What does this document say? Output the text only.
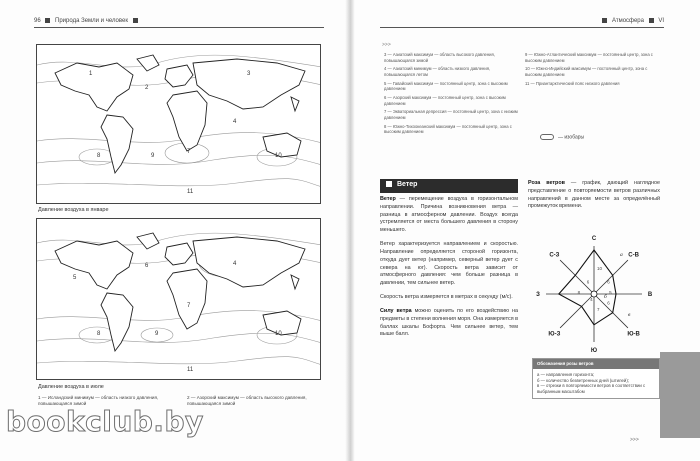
96 Природа Земли и человек	Атмосфера VI
1
2
3
7
8	9	10
11
4
Давление воздуха в январе
5
6	4
7
8	9	10
11
Давление воздуха в июле
1 — Исландский минимум — область низкого давления, повышающаяся зимой
2 — Азорский максимум — область высокого давления, повышающаяся зимой
>>>

3 — Азиатский максимум — область высокого давления, повышающаяся зимой

4 — Азиатский минимум — область низкого давления, повышающаяся летом

5 — Гавайский максимум — постоянный центр, зона с высоким давлением

6 — Азорский максимум — постоянный центр, зона с высоким давлением

7 — Экваториальная депрессия — постоянный центр, зона с низким давлением

8 — Южно-Тихоокеанский максимум — постоянный центр, зона с высоким давлением

9 — Южно-Атлантический максимум — постоянный центр, зона с высоким давлением

10 — Южно-Индийский максимум — постоянный центр, зона с высоким давлением

11 — Приантарктический пояс низкого давления

— изобары
Ветер

Ветер — перемещение воздуха в горизонтальном направлении. Причина возникновения ветра — разница в атмосферном давлении. Воздух всегда устремляется от места большего давления в сторону меньшего.

Ветер характеризуется направлением и скоростью. Направление определяется стороной горизонта, откуда дует ветер (например, северный ветер дует с севера на юг). Скорость ветра зависит от атмосферного давления: чем больше разница в давлении, тем сильнее ветер.

Скорость ветра измеряется в метрах в секунду (м/с).

Силу ветра можно оценить по его воздействию на предметы в степени волнения моря. Она измеряется в баллах шкалы Бофорта. Чем сильнее ветер, тем выше балл.

Роза ветров — график, дающий наглядное представление о повторяемости ветров различных направлений в данном месте за определённый промежуток времени.

С
С-В
В
Ю-В
Ю
Ю-З
З
С-З
10
6
5
6
7
4
8
6
а
б
в
Обозначения розы ветров
а — направления горизонта;
б — количество безветренных дней (штилей);
в — отрезки в повторяемости ветров в соответствии с выбранным масштабом
>>>
bookclub.by
